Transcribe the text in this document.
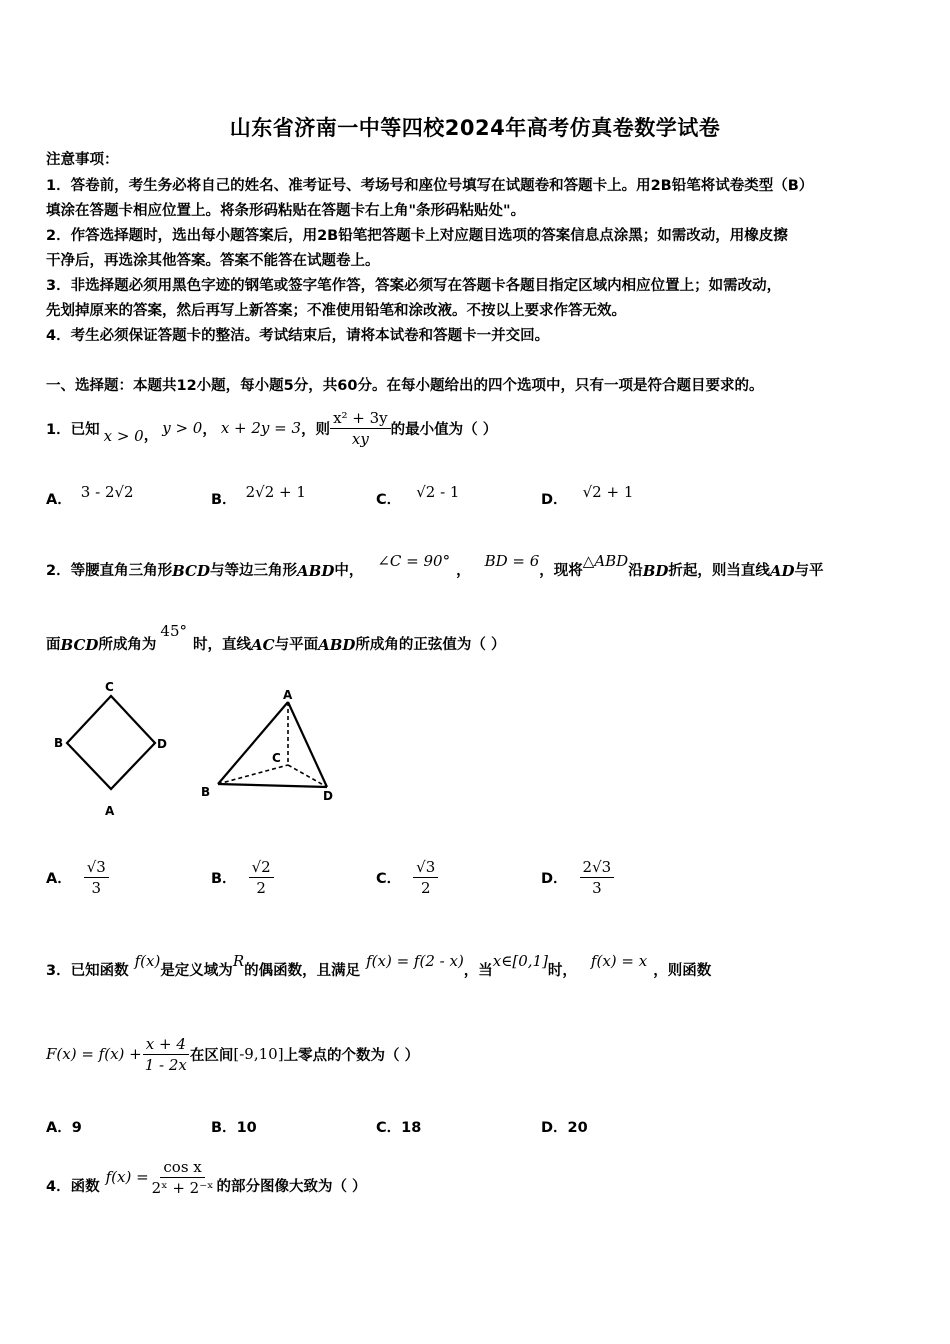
山东省济南一中等四校2024年高考仿真卷数学试卷
注意事项：
1．答卷前，考生务必将自己的姓名、准考证号、考场号和座位号填写在试题卷和答题卡上。用2B铅笔将试卷类型（B）
填涂在答题卡相应位置上。将条形码粘贴在答题卡右上角"条形码粘贴处"。
2．作答选择题时，选出每小题答案后，用2B铅笔把答题卡上对应题目选项的答案信息点涂黑；如需改动，用橡皮擦
干净后，再选涂其他答案。答案不能答在试题卷上。
3．非选择题必须用黑色字迹的钢笔或签字笔作答，答案必须写在答题卡各题目指定区域内相应位置上；如需改动，
先划掉原来的答案，然后再写上新答案；不准使用铅笔和涂改液。不按以上要求作答无效。
4．考生必须保证答题卡的整洁。考试结束后，请将本试卷和答题卡一并交回。
一、选择题：本题共12小题，每小题5分，共60分。在每小题给出的四个选项中，只有一项是符合题目要求的。
1．已知 x > 0 ， y > 0 ， x + 2y = 3 ，则 $\frac{\text{x² + 3y}}{xy}$ 的最小值为（ ）
A． 3 - 2√2	B． 2√2 + 1	C． √2 - 1	D． √2 + 1
2．等腰直角三角形 BCD 与等边三角形 ABD 中，
∠C = 90°
，
BD = 6
，现将
△ABD
沿 BD 折起，则当直线 AD 与平
面 BCD 所成角为
45°
时，直线 AC 与平面 ABD 所成角的正弦值为（ ）
C
B	D
A
A
C
B	D
A． $\frac{√3}{3}$	B． $\frac{√2}{2}$	C． $\frac{√3}{2}$	D． $\frac{2√3}{3}$
3．已知函数
f(x)
是定义域为
R
的偶函数，且满足
f(x) = f(2 - x)
，当
x∈[0,1]
时，
f(x) = x
，则函数
$F(x) = f(x) + \frac{x + 4}{1 - 2x}$ 在区间 [-9,10] 上零点的个数为（ ）
A．9	B．10	C．18	D．20
4．函数
$f(x) = \frac{\text{cos x}}{\text{2ˣ + 2⁻ˣ}}$ 的部分图像大致为（ ）
